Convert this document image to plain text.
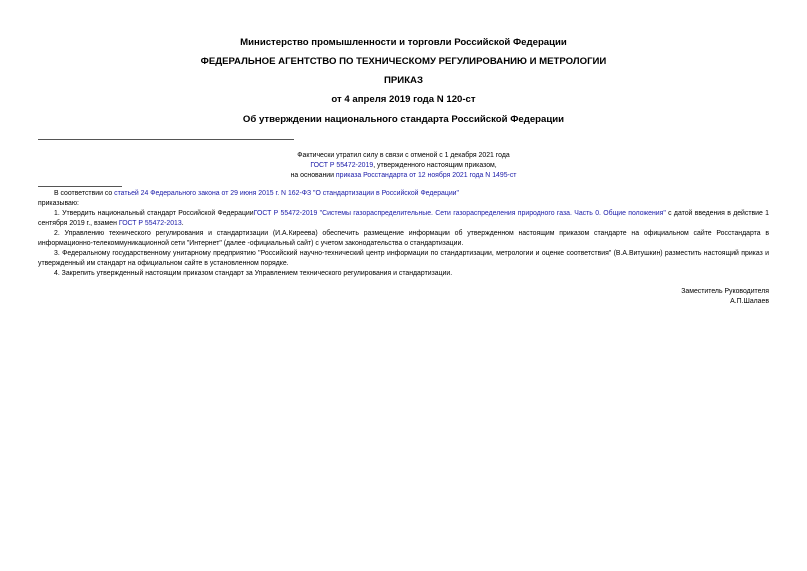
Министерство промышленности и торговли Российской Федерации
ФЕДЕРАЛЬНОЕ АГЕНТСТВО ПО ТЕХНИЧЕСКОМУ РЕГУЛИРОВАНИЮ И МЕТРОЛОГИИ
ПРИКАЗ
от 4 апреля 2019 года N 120-ст
Об утверждении национального стандарта Российской Федерации
Фактически утратил силу в связи с отменой с 1 декабря 2021 года
ГОСТ Р 55472-2019, утвержденного настоящим приказом,
на основании приказа Росстандарта от 12 ноября 2021 года N 1495-ст

В соответствии со статьей 24 Федерального закона от 29 июня 2015 г. N 162-ФЗ "О стандартизации в Российской Федерации"

приказываю:

1. Утвердить национальный стандарт Российской ФедерацииГОСТ Р 55472-2019 "Системы газораспределительные. Сети газораспределения природного газа. Часть 0. Общие положения" с датой введения в действие 1 сентября 2019 г., взамен ГОСТ Р 55472-2013.

2. Управлению технического регулирования и стандартизации (И.А.Киреева) обеспечить размещение информации об утвержденном настоящим приказом стандарте на официальном сайте Росстандарта в информационно-телекоммуникационной сети "Интернет" (далее -официальный сайт) с учетом законодательства о стандартизации.

3. Федеральному государственному унитарному предприятию "Российский научно-технический центр информации по стандартизации, метрологии и оценке соответствия" (В.А.Витушкин) разместить настоящий приказ и утвержденный им стандарт на официальном сайте в установленном порядке.

4. Закрепить утвержденный настоящим приказом стандарт за Управлением технического регулирования и стандартизации.

Заместитель Руководителя
А.П.Шалаев
